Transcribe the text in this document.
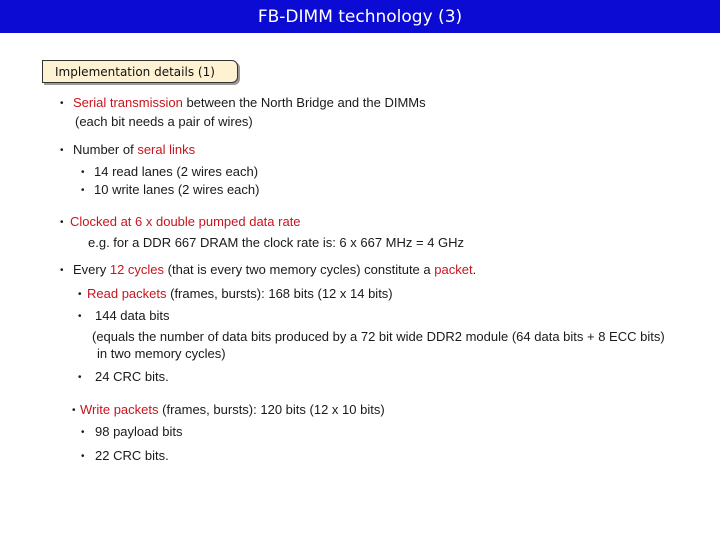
FB-DIMM technology (3)
Implementation details (1)
• Serial transmission between the North Bridge and the DIMMs
(each bit needs a pair of wires)
• Number of seral links
• 14 read lanes (2 wires each)
• 10 write lanes (2 wires each)
• Clocked at 6 x double pumped data rate
e.g. for a DDR 667 DRAM the clock rate is: 6 x 667 MHz = 4 GHz
• Every 12 cycles (that is every two memory cycles) constitute a packet.
• Read packets (frames, bursts): 168 bits (12 x 14 bits)
• 144 data bits
(equals the number of data bits produced by a 72 bit wide DDR2 module (64 data bits + 8 ECC bits)
in two memory cycles)
• 24 CRC bits.
• Write packets (frames, bursts): 120 bits (12 x 10 bits)
• 98 payload bits
• 22 CRC bits.
